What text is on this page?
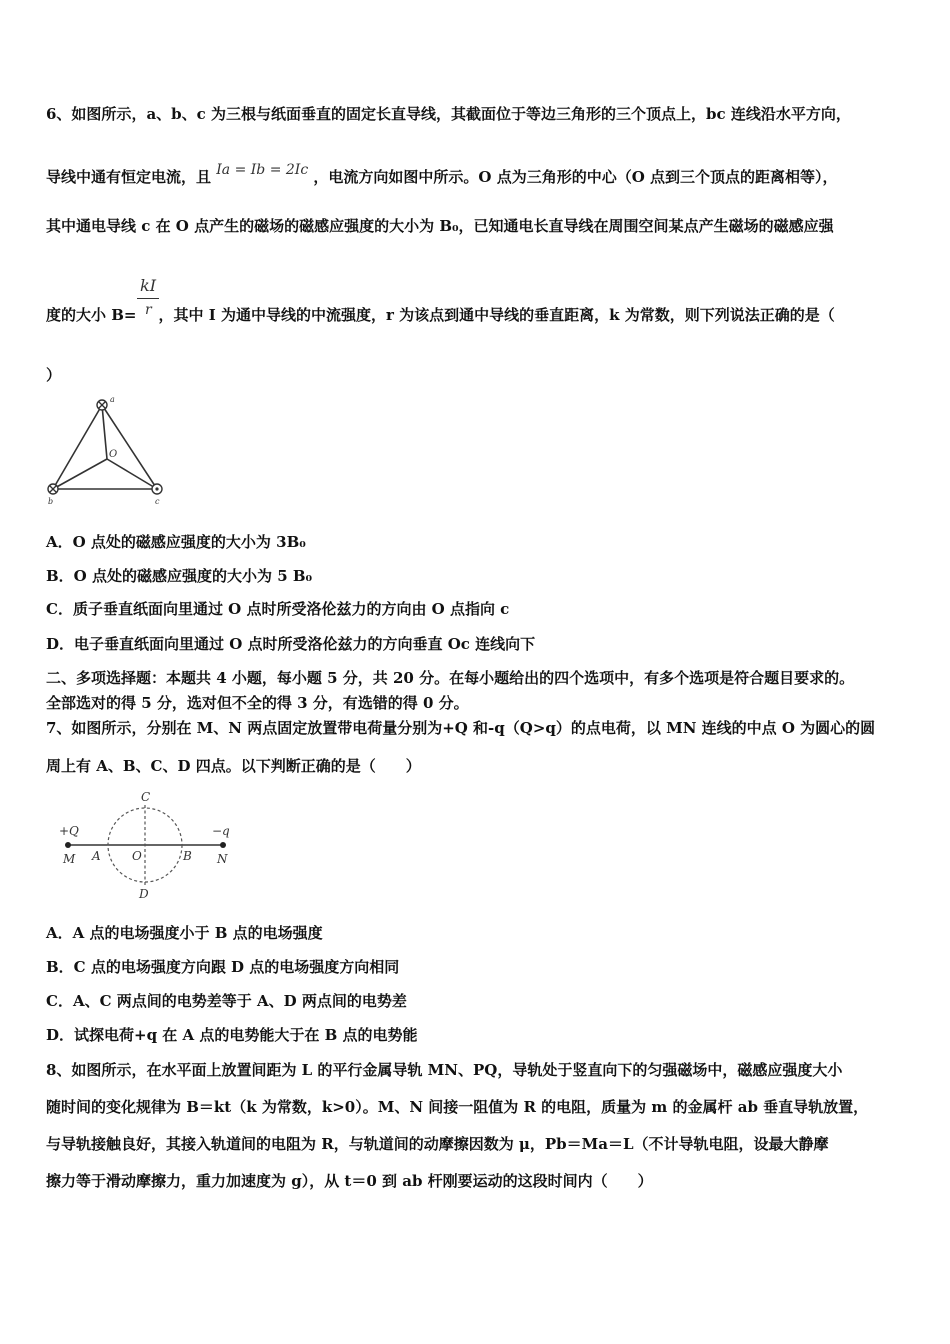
6、如图所示，a、b、c 为三根与纸面垂直的固定长直导线，其截面位于等边三角形的三个顶点上，bc 连线沿水平方向，
导线中通有恒定电流，且 Ia = Ib = 2Ic ，电流方向如图中所示。O 点为三角形的中心（O 点到三个顶点的距离相等），
其中通电导线 c 在 O 点产生的磁场的磁感应强度的大小为 B₀，已知通电长直导线在周围空间某点产生磁场的磁感应强
度的大小 B= ，其中 I 为通中导线的中流强度，r 为该点到通中导线的垂直距离，k 为常数，则下列说法正确的是（
kI
r
）
a
O
b	c
A．O 点处的磁感应强度的大小为 3B₀
B．O 点处的磁感应强度的大小为 5 B₀
C．质子垂直纸面向里通过 O 点时所受洛伦兹力的方向由 O 点指向 c
D．电子垂直纸面向里通过 O 点时所受洛伦兹力的方向垂直 Oc 连线向下
二、多项选择题：本题共 4 小题，每小题 5 分，共 20 分。在每小题给出的四个选项中，有多个选项是符合题目要求的。
全部选对的得 5 分，选对但不全的得 3 分，有选错的得 0 分。
7、如图所示，分别在 M、N 两点固定放置带电荷量分别为+Q 和-q（Q>q）的点电荷，以 MN 连线的中点 O 为圆心的圆
周上有 A、B、C、D 四点。以下判断正确的是（　　）
+Q	−q
M	N
A	B
O
C
D
A．A 点的电场强度小于 B 点的电场强度
B．C 点的电场强度方向跟 D 点的电场强度方向相同
C．A、C 两点间的电势差等于 A、D 两点间的电势差
D．试探电荷+q 在 A 点的电势能大于在 B 点的电势能
8、如图所示，在水平面上放置间距为 L 的平行金属导轨 MN、PQ，导轨处于竖直向下的匀强磁场中，磁感应强度大小
随时间的变化规律为 B＝kt（k 为常数，k>0）。M、N 间接一阻值为 R 的电阻，质量为 m 的金属杆 ab 垂直导轨放置，
与导轨接触良好，其接入轨道间的电阻为 R，与轨道间的动摩擦因数为 μ，Pb＝Ma＝L（不计导轨电阻，设最大静摩
擦力等于滑动摩擦力，重力加速度为 g），从 t＝0 到 ab 杆刚要运动的这段时间内（　　）
